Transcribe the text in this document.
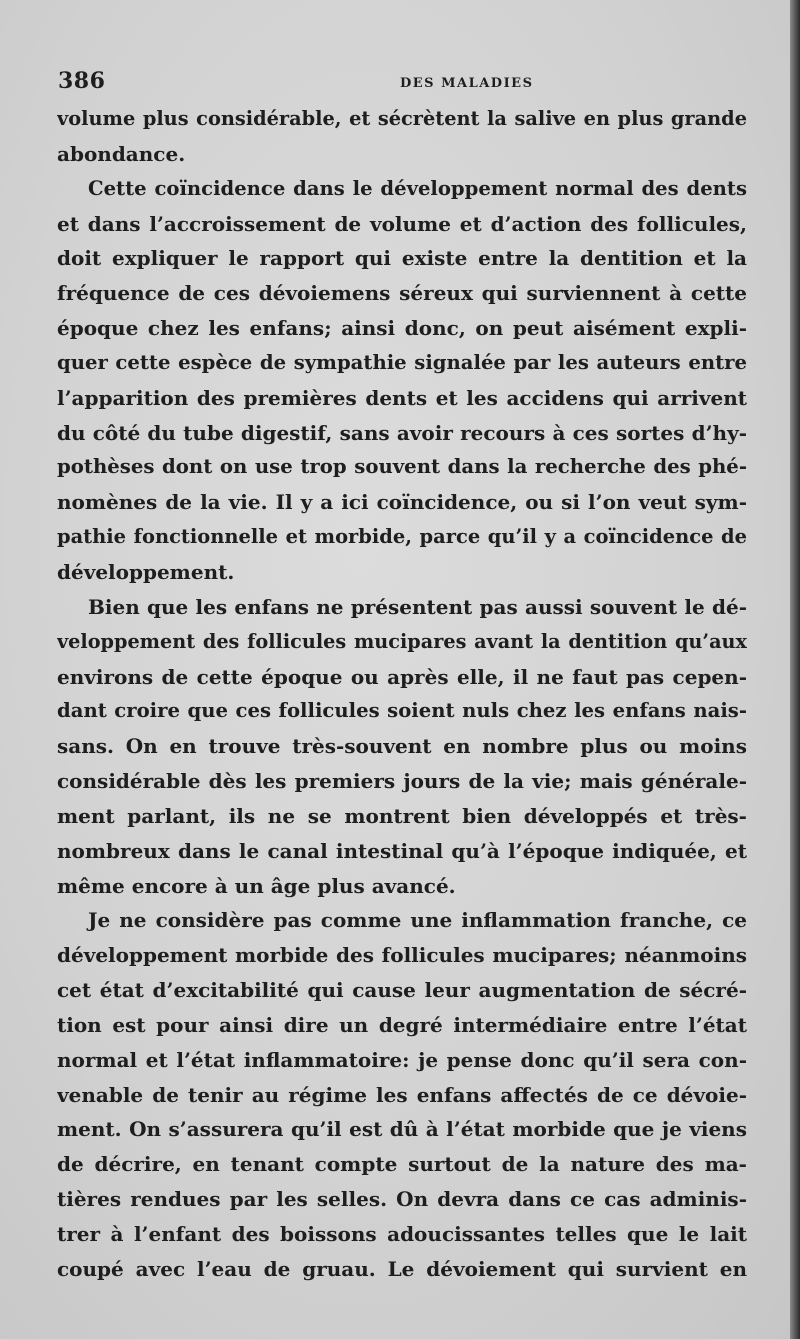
386	DES MALADIES
volume plus considérable, et sécrètent la salive en plus grande
abondance.
Cette coïncidence dans le développement normal des dents
et dans l’accroissement de volume et d’action des follicules,
doit expliquer le rapport qui existe entre la dentition et la
fréquence de ces dévoiemens séreux qui surviennent à cette
époque chez les enfans; ainsi donc, on peut aisément expli-
quer cette espèce de sympathie signalée par les auteurs entre
l’apparition des premières dents et les accidens qui arrivent
du côté du tube digestif, sans avoir recours à ces sortes d’hy-
pothèses dont on use trop souvent dans la recherche des phé-
nomènes de la vie. Il y a ici coïncidence, ou si l’on veut sym-
pathie fonctionnelle et morbide, parce qu’il y a coïncidence de
développement.
Bien que les enfans ne présentent pas aussi souvent le dé-
veloppement des follicules mucipares avant la dentition qu’aux
environs de cette époque ou après elle, il ne faut pas cepen-
dant croire que ces follicules soient nuls chez les enfans nais-
sans. On en trouve très-souvent en nombre plus ou moins
considérable dès les premiers jours de la vie; mais générale-
ment parlant, ils ne se montrent bien développés et très-
nombreux dans le canal intestinal qu’à l’époque indiquée, et
même encore à un âge plus avancé.
Je ne considère pas comme une inflammation franche, ce
développement morbide des follicules mucipares; néanmoins
cet état d’excitabilité qui cause leur augmentation de sécré-
tion est pour ainsi dire un degré intermédiaire entre l’état
normal et l’état inflammatoire: je pense donc qu’il sera con-
venable de tenir au régime les enfans affectés de ce dévoie-
ment. On s’assurera qu’il est dû à l’état morbide que je viens
de décrire, en tenant compte surtout de la nature des ma-
tières rendues par les selles. On devra dans ce cas adminis-
trer à l’enfant des boissons adoucissantes telles que le lait
coupé avec l’eau de gruau. Le dévoiement qui survient en
